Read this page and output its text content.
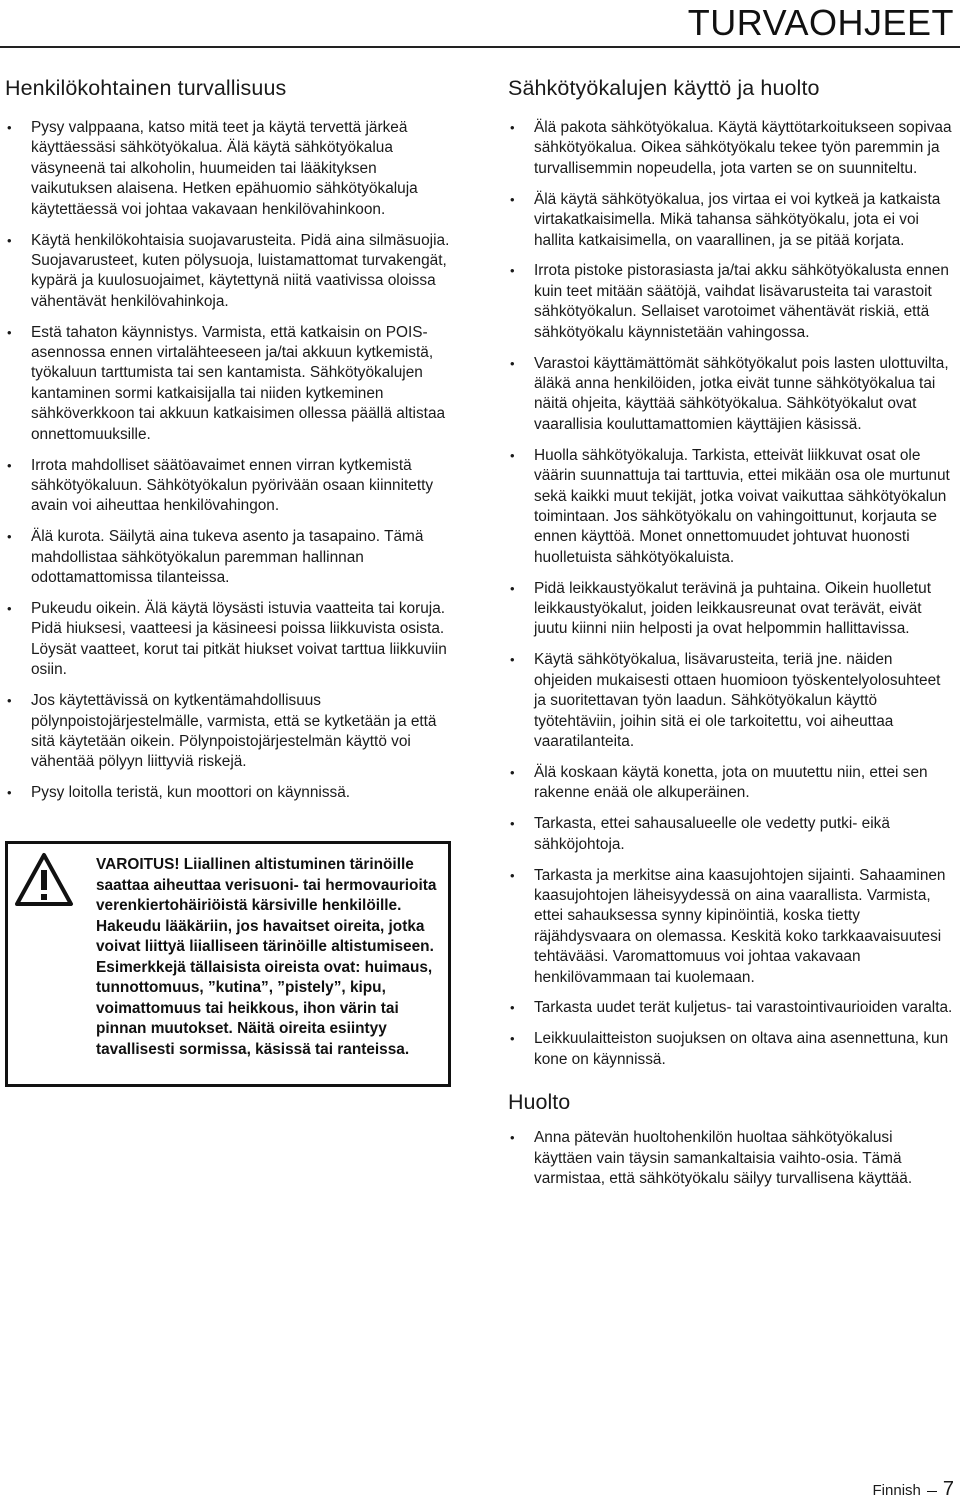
TURVAOHJEET
Henkilökohtainen turvallisuus
• Pysy valppaana, katso mitä teet ja käytä tervettä järkeä käyttäessäsi sähkötyökalua. Älä käytä sähkötyökalua väsyneenä tai alkoholin, huumeiden tai lääkityksen vaikutuksen alaisena. Hetken epähuomio sähkötyökaluja käytettäessä voi johtaa vakavaan henkilövahinkoon.
• Käytä henkilökohtaisia suojavarusteita. Pidä aina silmäsuojia. Suojavarusteet, kuten pölysuoja, luistamattomat turvakengät, kypärä ja kuulosuojaimet, käytettynä niitä vaativissa oloissa vähentävät henkilövahinkoja.
• Estä tahaton käynnistys. Varmista, että katkaisin on POIS-asennossa ennen virtalähteeseen ja/tai akkuun kytkemistä, työkaluun tarttumista tai sen kantamista. Sähkötyökalujen kantaminen sormi katkaisijalla tai niiden kytkeminen sähköverkkoon tai akkuun katkaisimen ollessa päällä altistaa onnettomuuksille.
• Irrota mahdolliset säätöavaimet ennen virran kytkemistä sähkötyökaluun. Sähkötyökalun pyörivään osaan kiinnitetty avain voi aiheuttaa henkilövahingon.
• Älä kurota. Säilytä aina tukeva asento ja tasapaino. Tämä mahdollistaa sähkötyökalun paremman hallinnan odottamattomissa tilanteissa.
• Pukeudu oikein. Älä käytä löysästi istuvia vaatteita tai koruja. Pidä hiuksesi, vaatteesi ja käsineesi poissa liikkuvista osista. Löysät vaatteet, korut tai pitkät hiukset voivat tarttua liikkuviin osiin.
• Jos käytettävissä on kytkentämahdollisuus pölynpoistojärjestelmälle, varmista, että se kytketään ja että sitä käytetään oikein. Pölynpoistojärjestelmän käyttö voi vähentää pölyyn liittyviä riskejä.
• Pysy loitolla teristä, kun moottori on käynnissä.
VAROITUS! Liiallinen altistuminen tärinöille saattaa aiheuttaa verisuoni- tai hermovaurioita verenkiertohäiriöistä kärsiville henkilöille. Hakeudu lääkäriin, jos havaitset oireita, jotka voivat liittyä liialliseen tärinöille altistumiseen. Esimerkkejä tällaisista oireista ovat: huimaus, tunnottomuus, ”kutina”, ”pistely”, kipu, voimattomuus tai heikkous, ihon värin tai pinnan muutokset. Näitä oireita esiintyy tavallisesti sormissa, käsissä tai ranteissa.
Sähkötyökalujen käyttö ja huolto
• Älä pakota sähkötyökalua. Käytä käyttötarkoitukseen sopivaa sähkötyökalua. Oikea sähkötyökalu tekee työn paremmin ja turvallisemmin nopeudella, jota varten se on suunniteltu.
• Älä käytä sähkötyökalua, jos virtaa ei voi kytkeä ja katkaista virtakatkaisimella. Mikä tahansa sähkötyökalu, jota ei voi hallita katkaisimella, on vaarallinen, ja se pitää korjata.
• Irrota pistoke pistorasiasta ja/tai akku sähkötyökalusta ennen kuin teet mitään säätöjä, vaihdat lisävarusteita tai varastoit sähkötyökalun. Sellaiset varotoimet vähentävät riskiä, että sähkötyökalu käynnistetään vahingossa.
• Varastoi käyttämättömät sähkötyökalut pois lasten ulottuvilta, äläkä anna henkilöiden, jotka eivät tunne sähkötyökalua tai näitä ohjeita, käyttää sähkötyökalua. Sähkötyökalut ovat vaarallisia kouluttamattomien käyttäjien käsissä.
• Huolla sähkötyökaluja. Tarkista, etteivät liikkuvat osat ole väärin suunnattuja tai tarttuvia, ettei mikään osa ole murtunut sekä kaikki muut tekijät, jotka voivat vaikuttaa sähkötyökalun toimintaan. Jos sähkötyökalu on vahingoittunut, korjauta se ennen käyttöä. Monet onnettomuudet johtuvat huonosti huolletuista sähkötyökaluista.
• Pidä leikkaustyökalut terävinä ja puhtaina. Oikein huolletut leikkaustyökalut, joiden leikkausreunat ovat terävät, eivät juutu kiinni niin helposti ja ovat helpommin hallittavissa.
• Käytä sähkötyökalua, lisävarusteita, teriä jne. näiden ohjeiden mukaisesti ottaen huomioon työskentelyolosuhteet ja suoritettavan työn laadun. Sähkötyökalun käyttö työtehtäviin, joihin sitä ei ole tarkoitettu, voi aiheuttaa vaaratilanteita.
• Älä koskaan käytä konetta, jota on muutettu niin, ettei sen rakenne enää ole alkuperäinen.
• Tarkasta, ettei sahausalueelle ole vedetty putki- eikä sähköjohtoja.
• Tarkasta ja merkitse aina kaasujohtojen sijainti. Sahaaminen kaasujohtojen läheisyydessä on aina vaarallista. Varmista, ettei sahauksessa synny kipinöintiä, koska tietty räjähdysvaara on olemassa. Keskitä koko tarkkaavaisuutesi tehtävääsi. Varomattomuus voi johtaa vakavaan henkilövammaan tai kuolemaan.
• Tarkasta uudet terät kuljetus- tai varastointivaurioiden varalta.
• Leikkuulaitteiston suojuksen on oltava aina asennettuna, kun kone on käynnissä.
Huolto
• Anna pätevän huoltohenkilön huoltaa sähkötyökalusi käyttäen vain täysin samankaltaisia vaihto-osia. Tämä varmistaa, että sähkötyökalu säilyy turvallisena käyttää.
Finnish 7
